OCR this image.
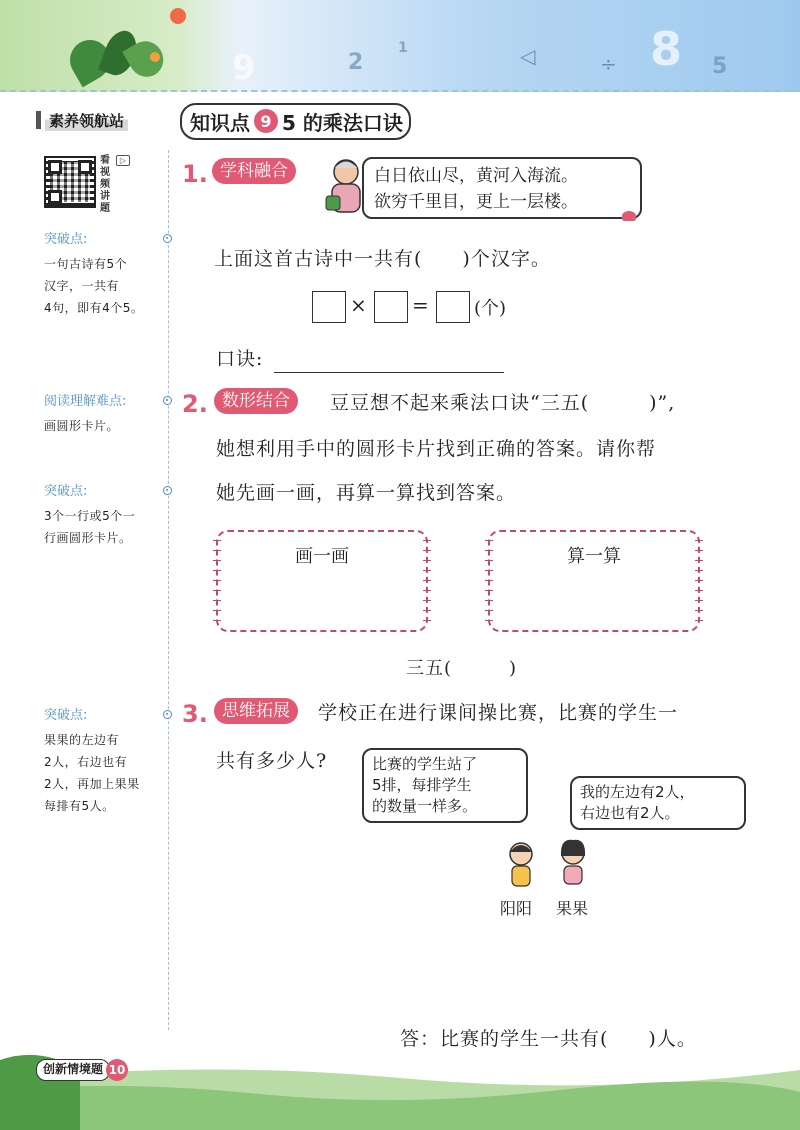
9	2
1	◁	÷ 8 5
素养领航站	知识点 9 5 的乘法口诀
看
视
频
讲
题
▷
突破点:
一句古诗有5个
汉字，一共有
4句，即有4个5。
阅读理解难点:
画圆形卡片。
突破点:
3个一行或5个一
行画圆形卡片。
突破点:
果果的左边有
2人，右边也有
2人，再加上果果
每排有5人。
1. 学科融合	白日依山尽，黄河入海流。
欲穷千里目，更上一层楼。
上面这首古诗中一共有(　　)个汉字。
× =	(个)
口诀:
2. 数形结合	豆豆想不起来乘法口诀“三五(　　　)”,
她想利用手中的圆形卡片找到正确的答案。请你帮
她先画一画，再算一算找到答案。
画一画	算一算
三五(　　　)
3. 思维拓展	学校正在进行课间操比赛，比赛的学生一
共有多少人?	比赛的学生站了
5排，每排学生
的数量一样多。
我的左边有2人，
右边也有2人。
阳阳 果果
答：比赛的学生一共有(　　)人。
创新情境题 10
